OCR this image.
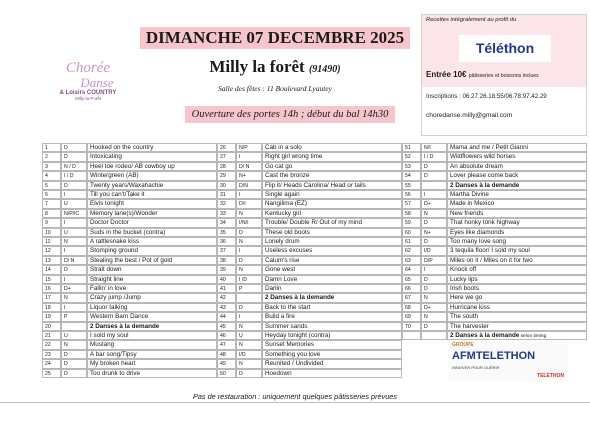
DIMANCHE 07 DECEMBRE 2025
Milly la forêt (91490)
Salle des fêtes : 11 Boulevard Lyautey
Ouverture des portes 14h ; début du bal 14h30
Chorée
Danse
& Loisirs COUNTRY
Milly-la-Forêt
Recettes intégralement au profit du
Téléthon
Entrée 10€ pâtisseries et boissons inclues
Inscriptions : 06.27.26.18.55/06.78.97.42.29
choredanse.milly@gmail.com
1	D	Hooked on the country
2	D	Intoxicating
3	N / D	Heel toe rodeo/ AB cowboy up
4	I / D	Wintergreen (AB)
5	D	Twenty years/Waxahachie
6	I	Till you can't/Take it
7	U	Elvis tonight
8	N/P/IC	Memory lane(s)/Wonder
9	I	Doctor Doctor
10	U	Suds in the bucket (contra)
11	N	A rattlesnake kiss
12	I	Stomping ground
13	D/ N	Stealing the best / Pot of gold
14	D	Strait down
15	I	Straight line
16	D+	Fallin' in love
17	N	Crazy jump /Jump
18	I	Liquor talking
19	P	Western Barn Dance
20	2 Danses à la demande
21	U	I sold my soul
22	N	Mustang
23	D	A bar song/Tipsy
24	D	My broken heart
25	D	Too drunk to drive
26	N/P	Cab in a solo
27	I	Right girl wrong time
28	D/ N	Go cat go
29	N+	Cast the bronze
30	D/N	Flip it/ Heads Carolina/ Head or tails
31	I	Single again
32	D/I	Nangilima (EZ)
33	N	Kentucky girl
34	I/N/I	Trouble/ Double R/ Out of my mind
35	D	These old boots
36	N	Lonely drum
37	I	Useless excuses
38	D	Calum's rise
39	N	Gone west
40	I /D	Damn Love
41	P	Darlin
42	2 Danses à la demande
43	D	Back to the start
44	I	Build a fire
45	N	Summer sands
46	U	Heyday tonight (contra)
47	N	Sunset Memories
48	I/D	Something you love
49	N	Reunited / Undivided
50	D	Hoedown
51	N/I	Mama and me / Petit Gianni
52	I / D	Wildflowers wild horses
53	D	An absolute dream
54	D	Lover please come back
55	2 Danses à la demande
56	I	Martha Divine
57	D+	Made in Mexico
58	N	New friends
59	D	That honky tonk highway
60	N+	Eyes like diamonds
61	D	Too many love song
62	I/D	3 tequila floor/ I sold my soul
63	D/P	Miles on it / Miles on it for two
64	I	Knock off
65	D	Lucky lips
66	D	Irish boots
67	N	Here we go
68	D+	Hurricane kiss
69	N	The south
70	D	The harvester
2 Danses à la demande selon timing
GROUPE
AFMTELETHON
INNOVER POUR GUÉRIR
TELETHON
Pas de restauration : uniquement quelques pâtisseries prévues
